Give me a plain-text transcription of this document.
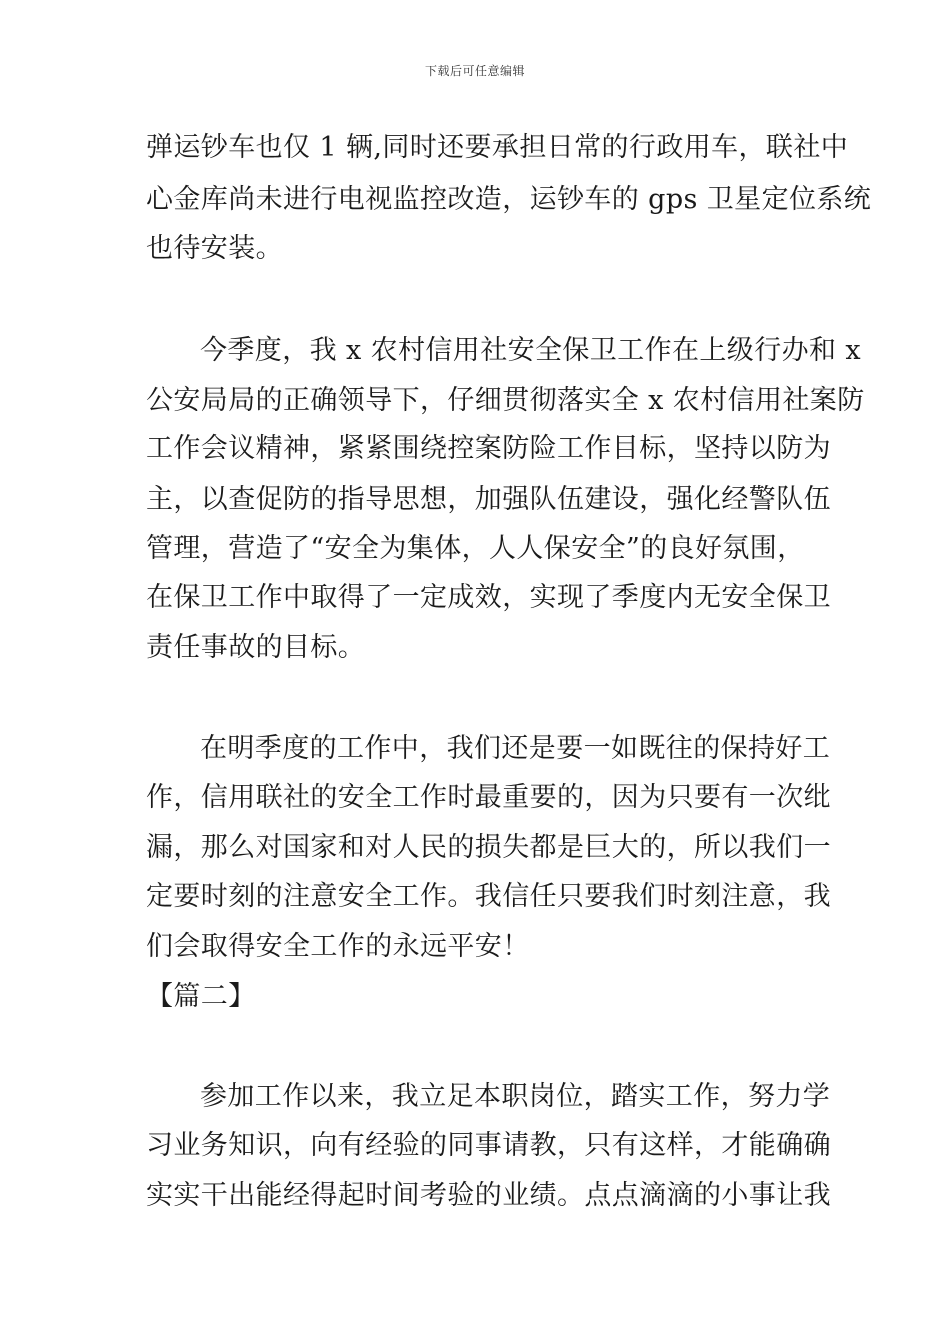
下载后可任意编辑
弹运钞车也仅 1 辆,同时还要承担日常的行政用车，联社中
心金库尚未进行电视监控改造，运钞车的 gps 卫星定位系统
也待安装。
今季度，我 x 农村信用社安全保卫工作在上级行办和 x
公安局局的正确领导下，仔细贯彻落实全 x 农村信用社案防
工作会议精神，紧紧围绕控案防险工作目标，坚持以防为
主，以查促防的指导思想，加强队伍建设，强化经警队伍
管理，营造了“安全为集体，人人保安全”的良好氛围，
在保卫工作中取得了一定成效，实现了季度内无安全保卫
责任事故的目标。
在明季度的工作中，我们还是要一如既往的保持好工
作，信用联社的安全工作时最重要的，因为只要有一次纰
漏，那么对国家和对人民的损失都是巨大的，所以我们一
定要时刻的注意安全工作。我信任只要我们时刻注意，我
们会取得安全工作的永远平安！
【篇二】
参加工作以来，我立足本职岗位，踏实工作，努力学
习业务知识，向有经验的同事请教，只有这样，才能确确
实实干出能经得起时间考验的业绩。点点滴滴的小事让我
